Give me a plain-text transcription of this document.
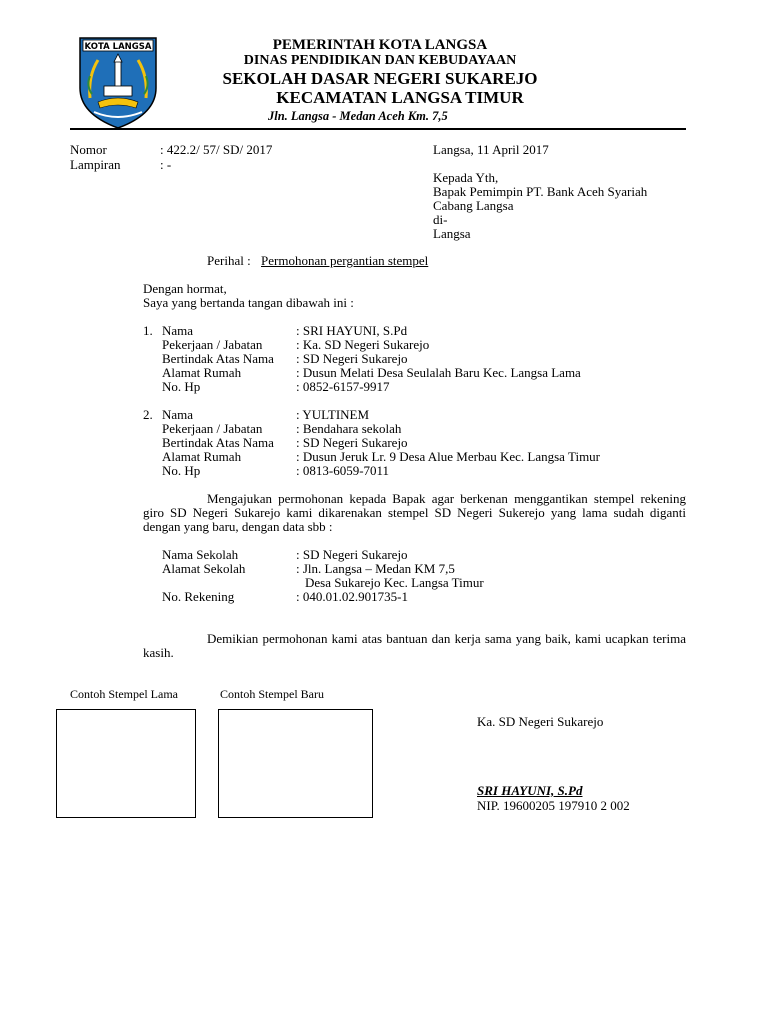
KOTA LANGSA	PEMERINTAH KOTA LANGSA
DINAS PENDIDIKAN DAN KEBUDAYAAN
SEKOLAH DASAR NEGERI SUKAREJO
KECAMATAN LANGSA TIMUR
Jln. Langsa - Medan Aceh Km. 7,5
Nomor	: 422.2/ 57/ SD/ 2017
Lampiran	: -
Langsa, 11 April 2017
Kepada Yth,
Bapak Pemimpin PT. Bank Aceh Syariah
Cabang Langsa
di-
Langsa
Perihal : Permohonan pergantian stempel
Dengan hormat,
Saya yang bertanda tangan dibawah ini :
1. Nama	: SRI HAYUNI, S.Pd
Pekerjaan / Jabatan	: Ka. SD Negeri Sukarejo
Bertindak Atas Nama : SD Negeri Sukarejo
Alamat Rumah	: Dusun Melati Desa Seulalah Baru Kec. Langsa Lama
No. Hp	: 0852-6157-9917
2. Nama	: YULTINEM
Pekerjaan / Jabatan	: Bendahara sekolah
Bertindak Atas Nama : SD Negeri Sukarejo
Alamat Rumah	: Dusun Jeruk Lr. 9 Desa Alue Merbau Kec. Langsa Timur
No. Hp	: 0813-6059-7011
Mengajukan permohonan kepada Bapak agar berkenan menggantikan stempel rekening giro SD Negeri Sukarejo kami dikarenakan stempel SD Negeri Sukerejo yang lama sudah diganti dengan yang baru, dengan data sbb :
Nama Sekolah	: SD Negeri Sukarejo
Alamat Sekolah	: Jln. Langsa – Medan KM 7,5
Desa Sukarejo Kec. Langsa Timur
No. Rekening	: 040.01.02.901735-1
Demikian permohonan kami atas bantuan dan kerja sama yang baik, kami ucapkan terima kasih.
Contoh Stempel Lama	Contoh Stempel Baru
Ka. SD Negeri Sukarejo
SRI HAYUNI, S.Pd
NIP. 19600205 197910 2 002
